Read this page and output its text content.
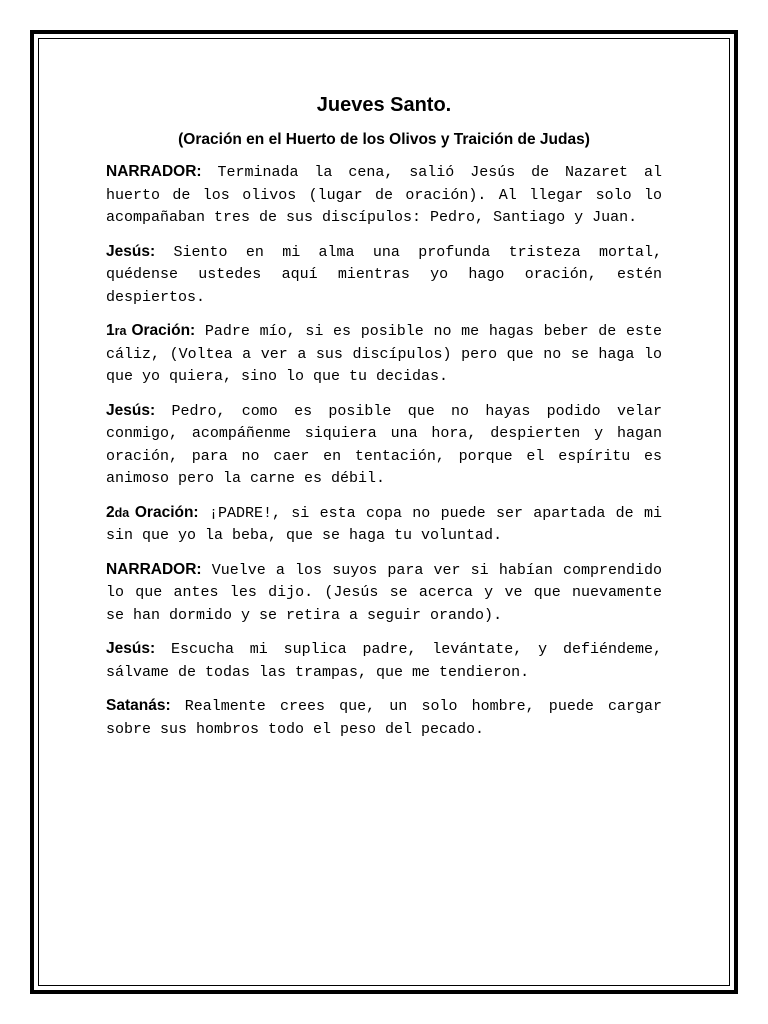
Jueves Santo.
(Oración en el Huerto de los Olivos y Traición de Judas)

NARRADOR: Terminada la cena, salió Jesús de Nazaret al huerto de los olivos (lugar de oración). Al llegar solo lo acompañaban tres de sus discípulos: Pedro, Santiago y Juan.

Jesús: Siento en mi alma una profunda tristeza mortal, quédense ustedes aquí mientras yo hago oración, estén despiertos.

1ra Oración: Padre mío, si es posible no me hagas beber de este cáliz, (Voltea a ver a sus discípulos) pero que no se haga lo que yo quiera, sino lo que tu decidas.

Jesús: Pedro, como es posible que no hayas podido velar conmigo, acompáñenme siquiera una hora, despierten y hagan oración, para no caer en tentación, porque el espíritu es animoso pero la carne es débil.

2da Oración: ¡PADRE!, si esta copa no puede ser apartada de mi sin que yo la beba, que se haga tu voluntad.

NARRADOR: Vuelve a los suyos para ver si habían comprendido lo que antes les dijo. (Jesús se acerca y ve que nuevamente se han dormido y se retira a seguir orando).

Jesús: Escucha mi suplica padre, levántate, y defiéndeme, sálvame de todas las trampas, que me tendieron.

Satanás: Realmente crees que, un solo hombre, puede cargar sobre sus hombros todo el peso del pecado.
